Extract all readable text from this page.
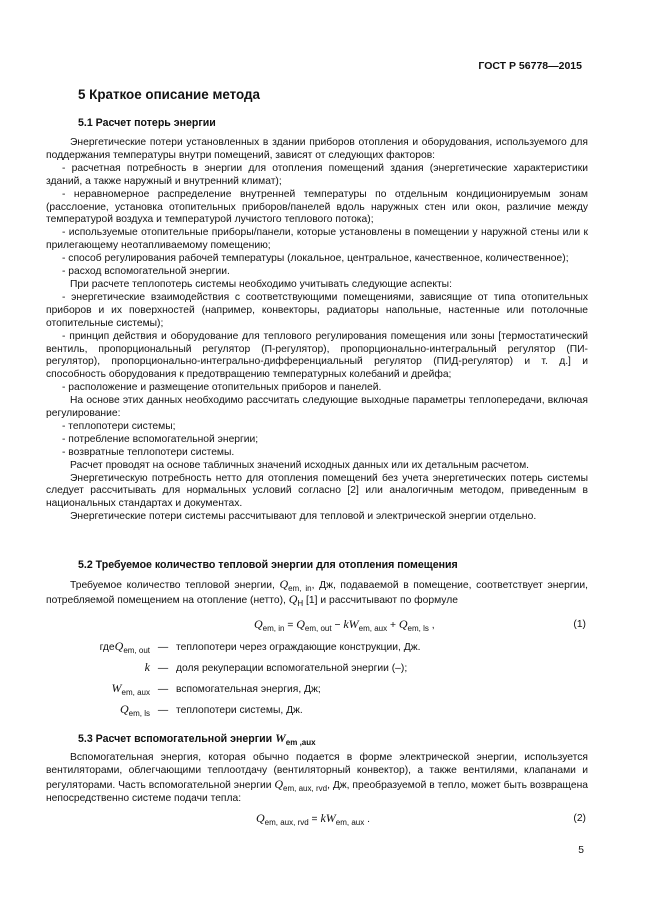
ГОСТ Р 56778—2015
5 Краткое описание метода
5.1 Расчет потерь энергии

Энергетические потери установленных в здании приборов отопления и оборудования, используемого для поддержания температуры внутри помещений, зависят от следующих факторов:

- расчетная потребность в энергии для отопления помещений здания (энергетические характеристики зданий, а также наружный и внутренний климат);

- неравномерное распределение внутренней температуры по отдельным кондиционируемым зонам (расслоение, установка отопительных приборов/панелей вдоль наружных стен или окон, различие между температурой воздуха и температурой лучистого теплового потока);

- используемые отопительные приборы/панели, которые установлены в помещении у наружной стены или к прилегающему неотапливаемому помещению;

- способ регулирования рабочей температуры (локальное, центральное, качественное, количественное);

- расход вспомогательной энергии.

При расчете теплопотерь системы необходимо учитывать следующие аспекты:

- энергетические взаимодействия с соответствующими помещениями, зависящие от типа отопительных приборов и их поверхностей (например, конвекторы, радиаторы напольные, настенные или потолочные отопительные системы);

- принцип действия и оборудование для теплового регулирования помещения или зоны [термостатический вентиль, пропорциональный регулятор (П-регулятор), пропорционально-интегральный регулятор (ПИ-регулятор), пропорционально-интегрально-дифференциальный регулятор (ПИД-регулятор) и т. д.] и способность оборудования к предотвращению температурных колебаний и дрейфа;

- расположение и размещение отопительных приборов и панелей.

На основе этих данных необходимо рассчитать следующие выходные параметры теплопередачи, включая регулирование:

- теплопотери системы;

- потребление вспомогательной энергии;

- возвратные теплопотери системы.

Расчет проводят на основе табличных значений исходных данных или их детальным расчетом.

Энергетическую потребность нетто для отопления помещений без учета энергетических потерь системы следует рассчитывать для нормальных условий согласно [2] или аналогичным методом, приведенным в национальных стандартах и документах.

Энергетические потери системы рассчитывают для тепловой и электрической энергии отдельно.

5.2 Требуемое количество тепловой энергии для отопления помещения

Требуемое количество тепловой энергии, $Q_{em, in}$, Дж, подаваемой в помещение, соответствует энергии, потребляемой помещением на отопление (нетто), $Q_H$ [1] и рассчитывают по формуле

$Q_{em, in} = Q_{em, out} - kW_{em, aux} + Q_{em, ls}$ ,	(1)
гдеQ$_{em, out}$ — теплопотери через ограждающие конструкции, Дж.
k — доля рекуперации вспомогательной энергии (–);
$W_{em, aux}$ — вспомогательная энергия, Дж;
$Q_{em, ls}$ — теплопотери системы, Дж.
5.3 Расчет вспомогательной энергии $W_{em ,aux}$

Вспомогательная энергия, которая обычно подается в форме электрической энергии, используется вентиляторами, облегчающими теплоотдачу (вентиляторный конвектор), а также вентилями, клапанами и регуляторами. Часть вспомогательной энергии $Q_{em, aux, rvd}$, Дж, преобразуемой в тепло, может быть возвращена непосредственно системе подачи тепла:

$Q_{em, aux, rvd} = kW_{em, aux}$ .	(2)
5
